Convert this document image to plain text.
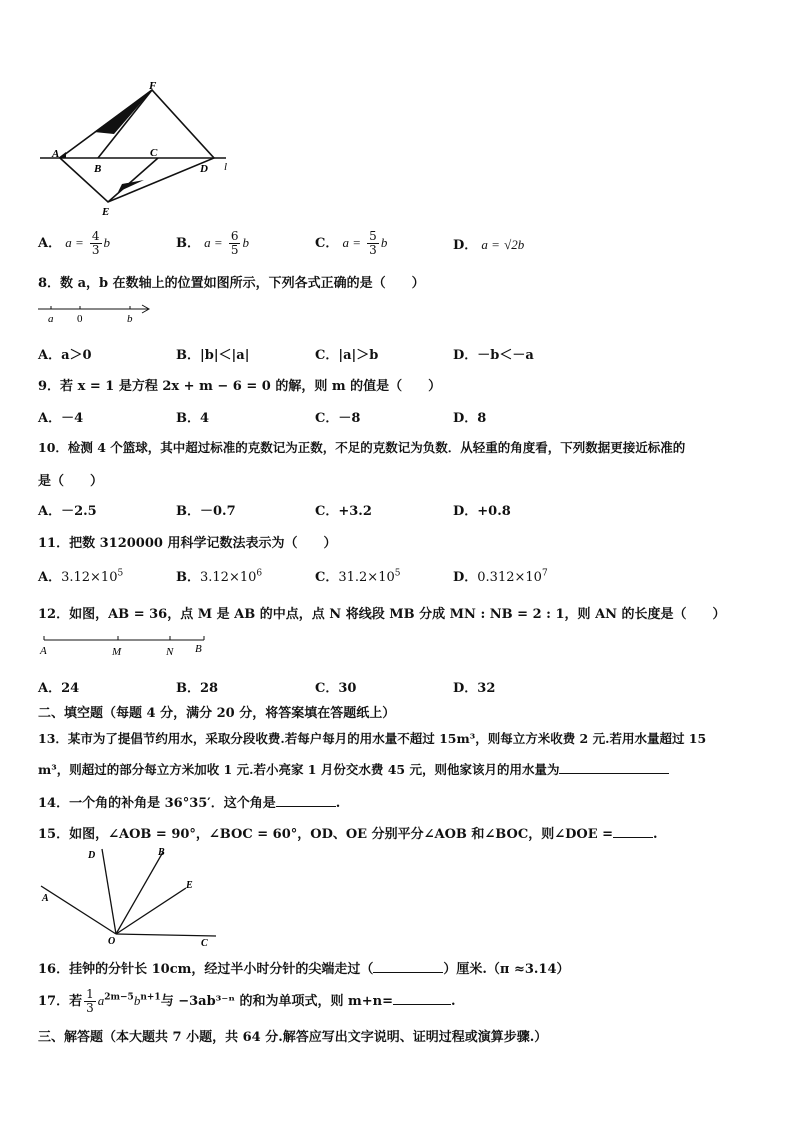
F
A
B
C
D l
E
A． $a = \frac{4}{3}$ b	B． $a = \frac{6}{5}$ b	C． $a = \frac{5}{3}$ b	D． a = √2b
8．数 a，b 在数轴上的位置如图所示，下列各式正确的是（　　）
a 0	b
A．a＞0	B．|b|＜|a|	C．|a|＞b	D．－b＜－a
9．若 x = 1 是方程 2x + m − 6 = 0 的解，则 m 的值是（　　）
A．－4	B．4	C．－8	D．8
10．检测 4 个篮球，其中超过标准的克数记为正数，不足的克数记为负数．从轻重的角度看，下列数据更接近标准的
是（　　）
A．－2.5	B．－0.7	C．+3.2	D．+0.8
11．把数 3120000 用科学记数法表示为（　　）
A．$3.12\times 10^5$	B．$3.12\times 10^6$	C．$31.2\times 10^5$	D．$0.312\times 10^7$
12．如图，AB = 36，点 M 是 AB 的中点，点 N 将线段 MB 分成 MN : NB = 2 : 1，则 AN 的长度是（　　）
A	M	N B
A．24	B．28	C．30	D．32
二、填空题（每题 4 分，满分 20 分，将答案填在答题纸上）
13．某市为了提倡节约用水，采取分段收费.若每户每月的用水量不超过 15m³，则每立方米收费 2 元.若用水量超过 15
m³，则超过的部分每立方米加收 1 元.若小亮家 1 月份交水费 45 元，则他家该月的用水量为
14．一个角的补角是 36°35′．这个角是	.
15．如图，∠AOB = 90°，∠BOC = 60°，OD、OE 分别平分∠AOB 和∠BOC，则∠DOE =	.
D	B
E
A
O	C
16．挂钟的分针长 10cm，经过半小时分针的尖端走过（	）厘米.（π ≈3.14）
17．若 $\frac{1}{3} a^{2m-5}b^{n+1}$与 −3ab³⁻ⁿ 的和为单项式，则 m+n=	.
三、解答题（本大题共 7 小题，共 64 分.解答应写出文字说明、证明过程或演算步骤.）
